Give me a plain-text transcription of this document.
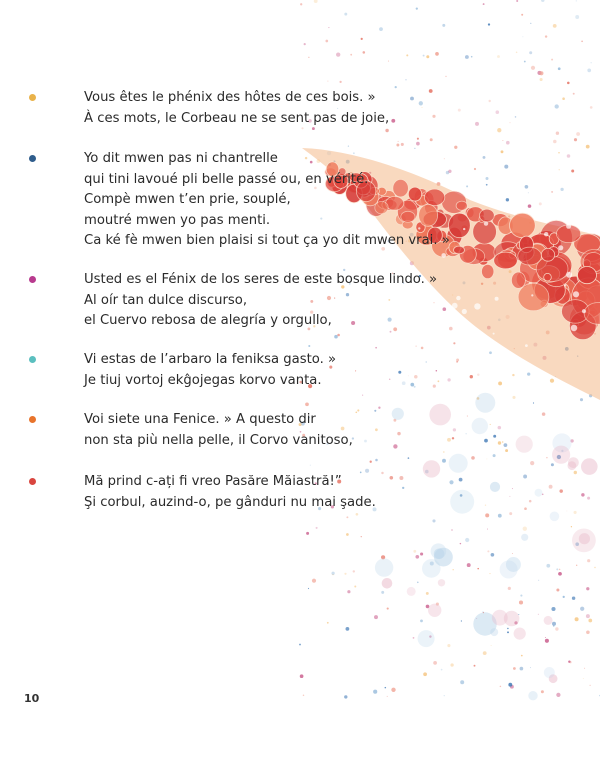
Vous êtes le phénix des hôtes de ces bois. »
À ces mots, le Corbeau ne se sent pas de joie,
Yo dit mwen pas ni chantrelle
qui tini lavoué pli belle passé ou, en vérité.
Compè mwen t’en prie, souplé,
moutré mwen yo pas menti.
Ca ké fè mwen bien plaisi si tout ça yo dit mwen vrai. »
Usted es el Fénix de los seres de este bosque lindo. »
Al oír tan dulce discurso,
el Cuervo rebosa de alegría y orgullo,
Vi estas de l’arbaro la feniksa gasto. »
Je tiuj vortoj ekĝojegas korvo vanta.
Voi siete una Fenice. » A questo dir
non sta più nella pelle, il Corvo vanitoso,
Mă prind c-ați fi vreo Pasăre Măiastră!”
Şi corbul, auzind-o, pe gânduri nu mai şade.
10
